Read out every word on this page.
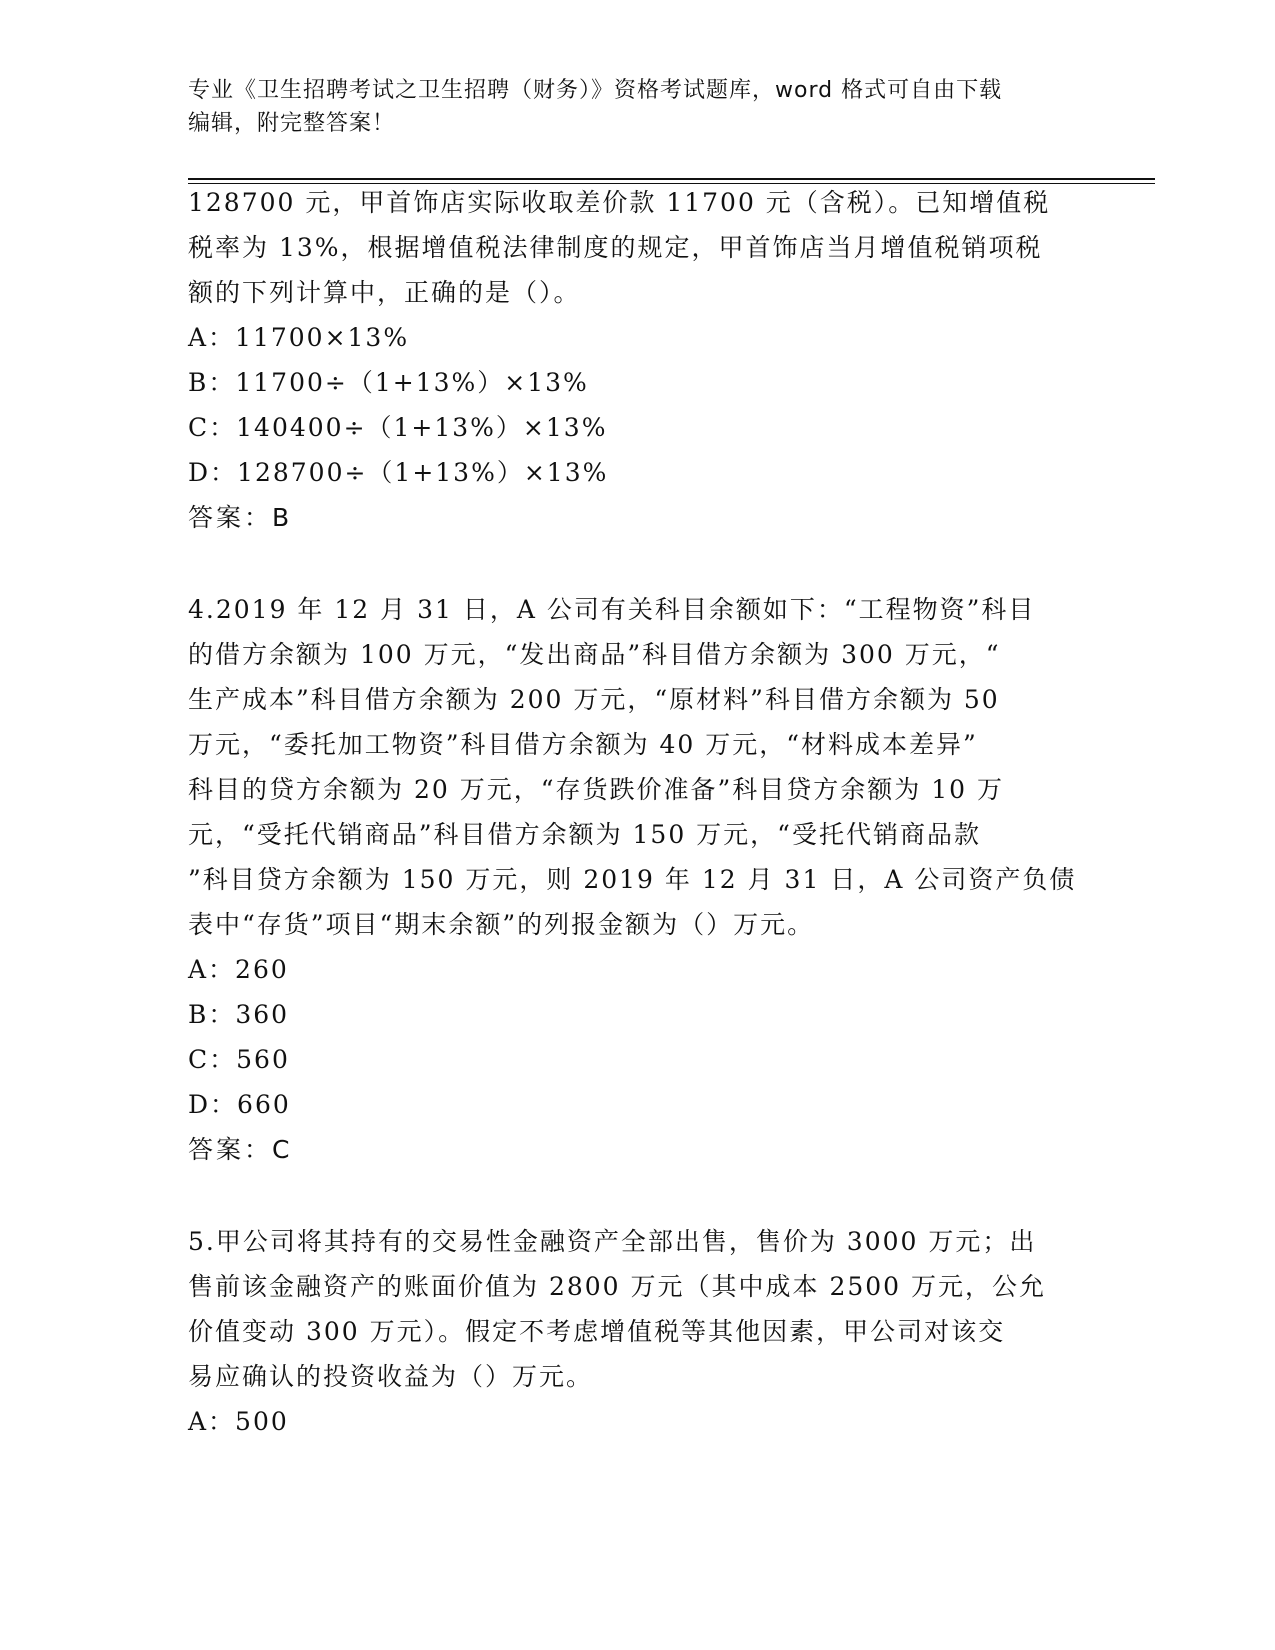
专业《卫生招聘考试之卫生招聘（财务）》资格考试题库，word 格式可自由下载
编辑，附完整答案！
128700 元，甲首饰店实际收取差价款 11700 元（含税）。已知增值税
税率为 13%，根据增值税法律制度的规定，甲首饰店当月增值税销项税
额的下列计算中，正确的是（）。
A：11700×13%
B：11700÷（1+13%）×13%
C：140400÷（1+13%）×13%
D：128700÷（1+13%）×13%
答案：B
4.2019 年 12 月 31 日，A 公司有关科目余额如下：“工程物资”科目
的借方余额为 100 万元，“发出商品”科目借方余额为 300 万元，“
生产成本”科目借方余额为 200 万元，“原材料”科目借方余额为 50
万元，“委托加工物资”科目借方余额为 40 万元，“材料成本差异”
科目的贷方余额为 20 万元，“存货跌价准备”科目贷方余额为 10 万
元，“受托代销商品”科目借方余额为 150 万元，“受托代销商品款
”科目贷方余额为 150 万元，则 2019 年 12 月 31 日，A 公司资产负债
表中“存货”项目“期末余额”的列报金额为（）万元。
A：260
B：360
C：560
D：660
答案：C
5.甲公司将其持有的交易性金融资产全部出售，售价为 3000 万元；出
售前该金融资产的账面价值为 2800 万元（其中成本 2500 万元，公允
价值变动 300 万元）。假定不考虑增值税等其他因素，甲公司对该交
易应确认的投资收益为（）万元。
A：500
